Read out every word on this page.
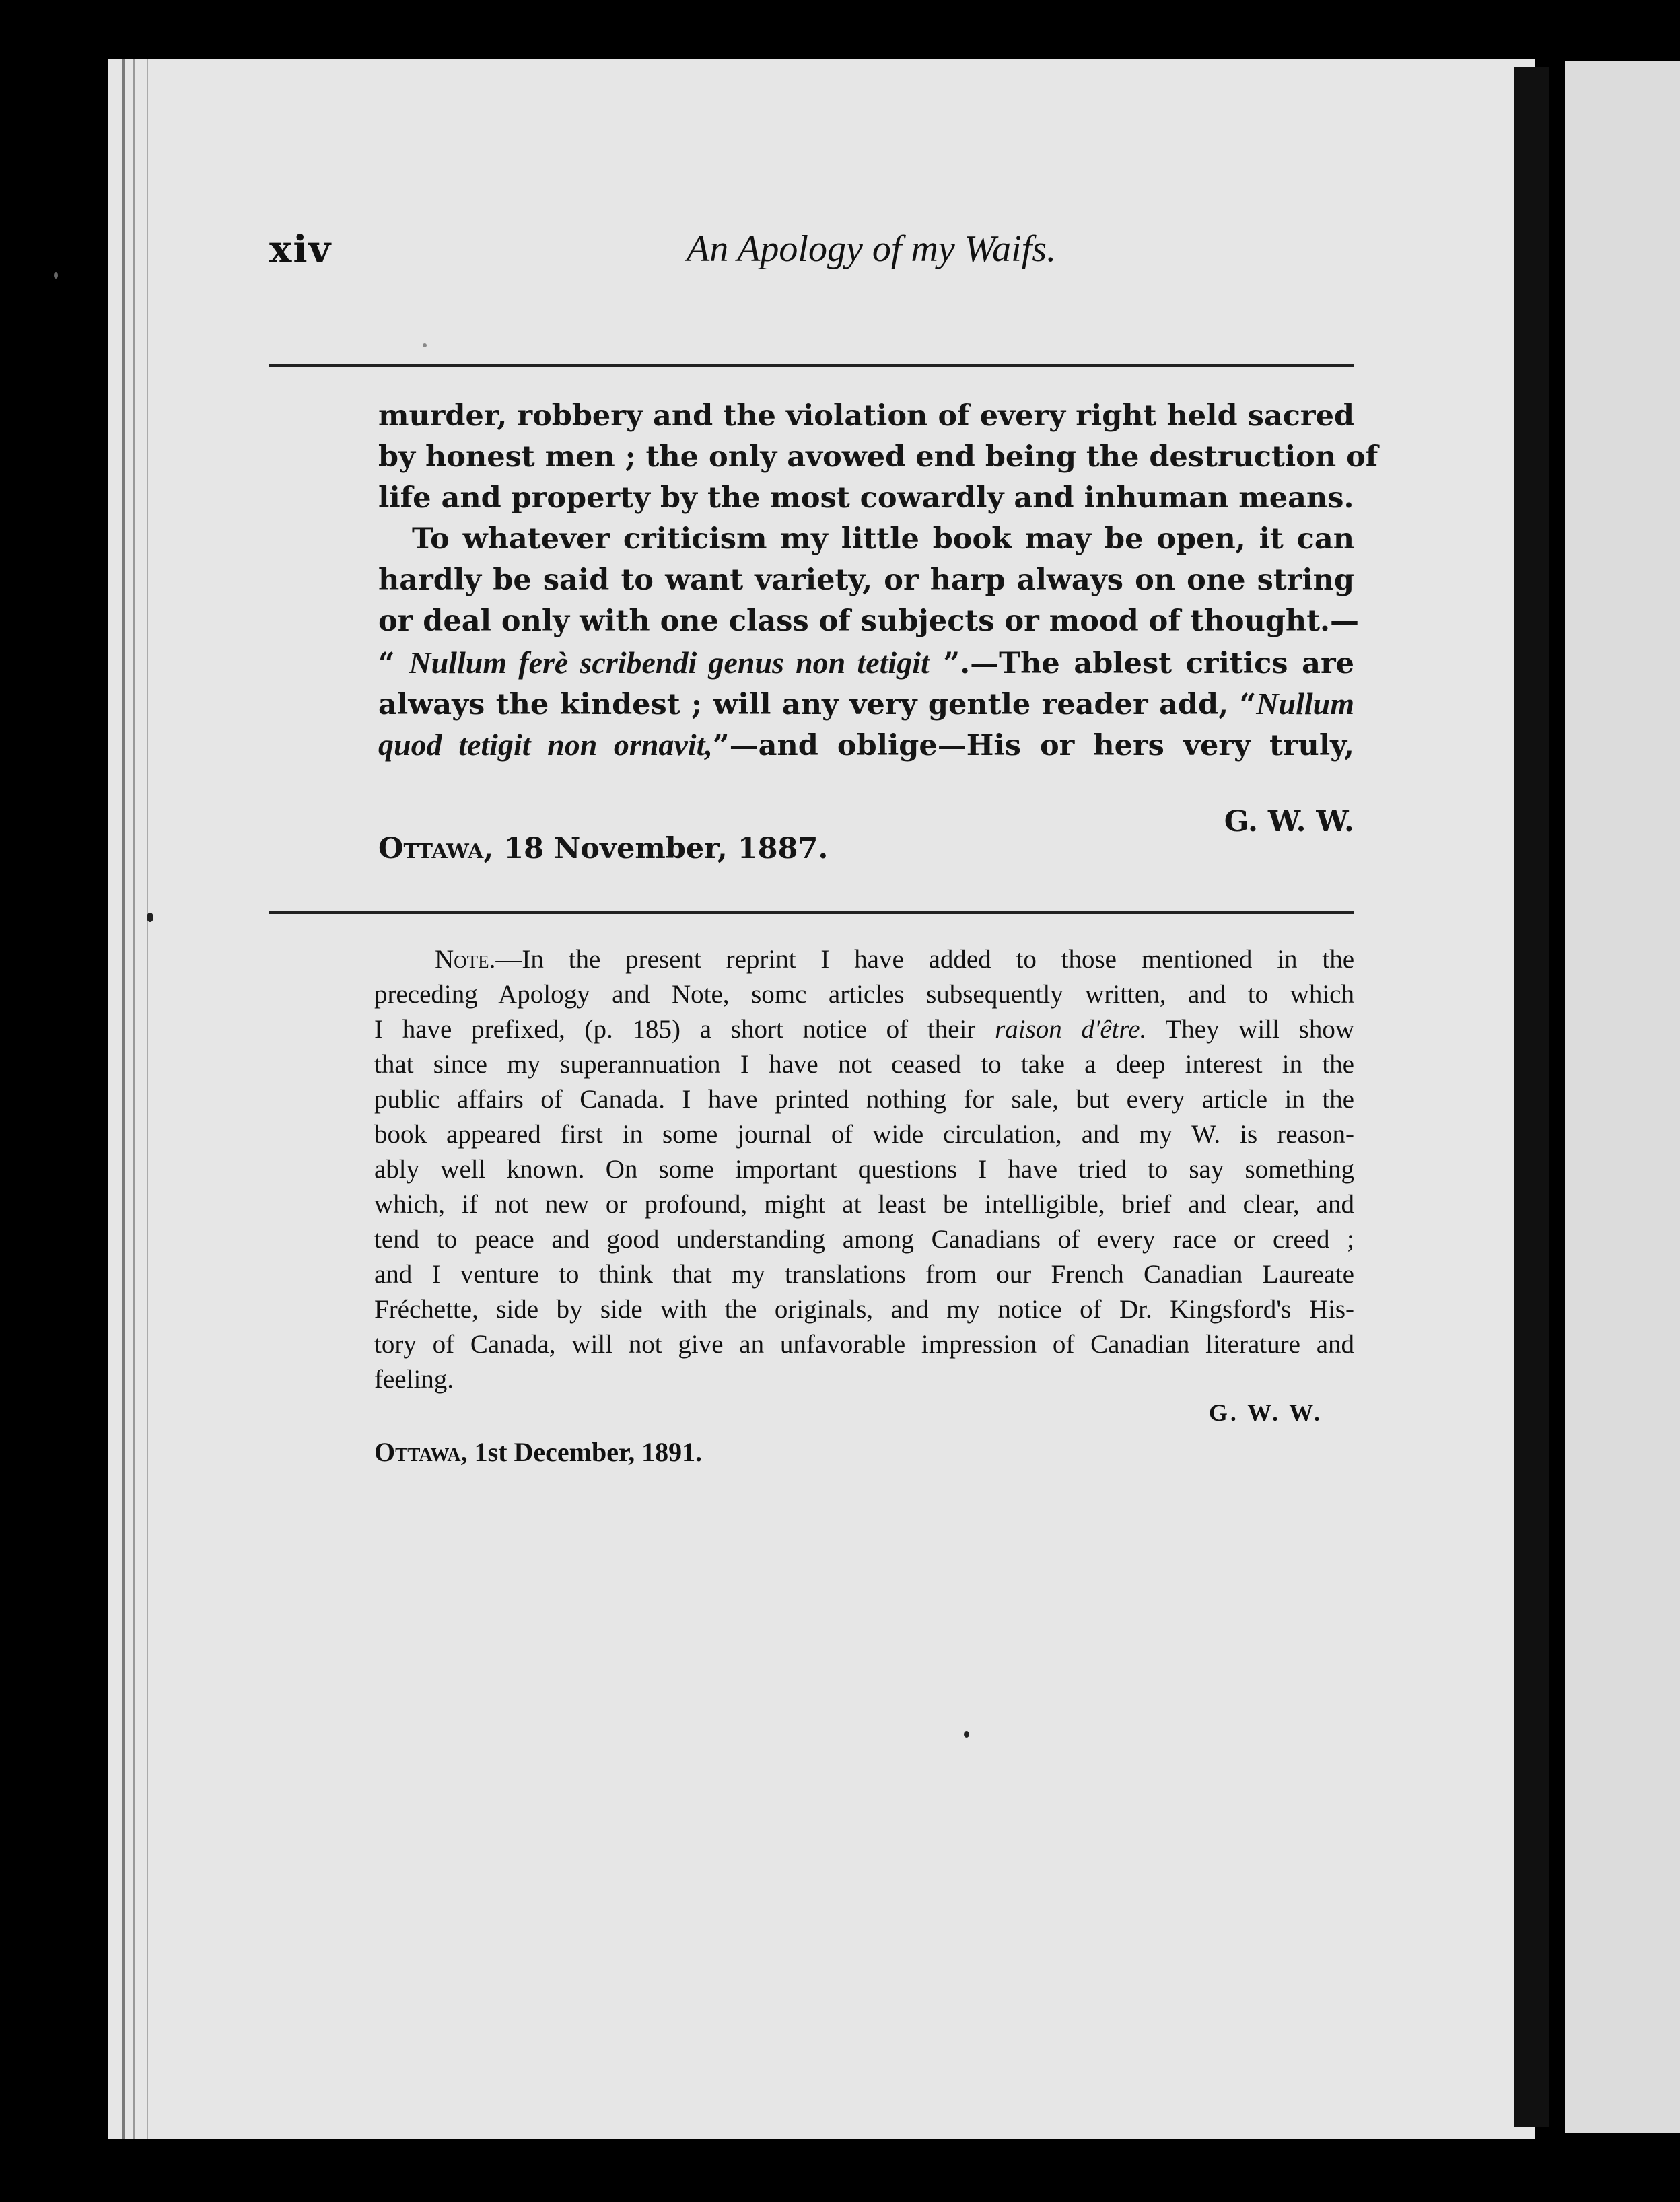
xiv	An Apology of my Waifs.
murder, robbery and the violation of every right held sacred
by honest men ; the only avowed end being the destruction of
life and property by the most cowardly and inhuman means.
To whatever criticism my little book may be open, it can
hardly be said to want variety, or harp always on one string
or deal only with one class of subjects or mood of thought.—
“ Nullum ferè scribendi genus non tetigit ”.—The ablest critics are
always the kindest ; will any very gentle reader add, “Nullum
quod tetigit non ornavit,”—and oblige—His or hers very truly,
G. W. W.
Ottawa, 18 November, 1887.
Note.—In the present reprint I have added to those mentioned in the
preceding Apology and Note, somc articles subsequently written, and to which
I have prefixed, (p. 185) a short notice of their raison d'être. They will show
that since my superannuation I have not ceased to take a deep interest in the
public affairs of Canada. I have printed nothing for sale, but every article in the
book appeared first in some journal of wide circulation, and my W. is reason-
ably well known. On some important questions I have tried to say something
which, if not new or profound, might at least be intelligible, brief and clear, and
tend to peace and good understanding among Canadians of every race or creed ;
and I venture to think that my translations from our French Canadian Laureate
Fréchette, side by side with the originals, and my notice of Dr. Kingsford's His-
tory of Canada, will not give an unfavorable impression of Canadian literature and
feeling.
G. W. W.
Ottawa, 1st December, 1891.
